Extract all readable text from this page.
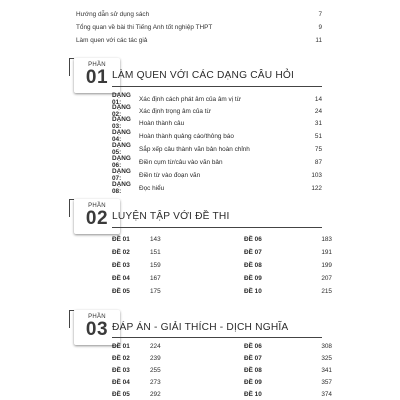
Hướng dẫn sử dụng sách	7
Tổng quan về bài thi Tiếng Anh tốt nghiệp THPT	9
Làm quen với các tác giả	11
PHẦN
01 LÀM QUEN VỚI CÁC DẠNG CÂU HỎI
DẠNG 01:	Xác định cách phát âm của âm vị từ	14
DẠNG 02:	Xác định trọng âm của từ	24
DẠNG 03:	Hoàn thành câu	31
DẠNG 04:	Hoàn thành quảng cáo/thông báo	51
DẠNG 05:	Sắp xếp câu thành văn bản hoàn chỉnh	75
DẠNG 06:	Điền cụm từ/câu vào văn bản	87
DẠNG 07:	Điền từ vào đoạn văn	103
DẠNG 08:	Đọc hiểu	122
PHẦN
02 LUYỆN TẬP VỚI ĐỀ THI
ĐỀ 01	143
ĐỀ 02	151
ĐỀ 03	159
ĐỀ 04	167
ĐỀ 05	175
ĐỀ 06	183
ĐỀ 07	191
ĐỀ 08	199
ĐỀ 09	207
ĐỀ 10	215
PHẦN
03 ĐÁP ÁN - GIẢI THÍCH - DỊCH NGHĨA
ĐỀ 01	224
ĐỀ 02	239
ĐỀ 03	255
ĐỀ 04	273
ĐỀ 05	292
ĐỀ 06	308
ĐỀ 07	325
ĐỀ 08	341
ĐỀ 09	357
ĐỀ 10	374
